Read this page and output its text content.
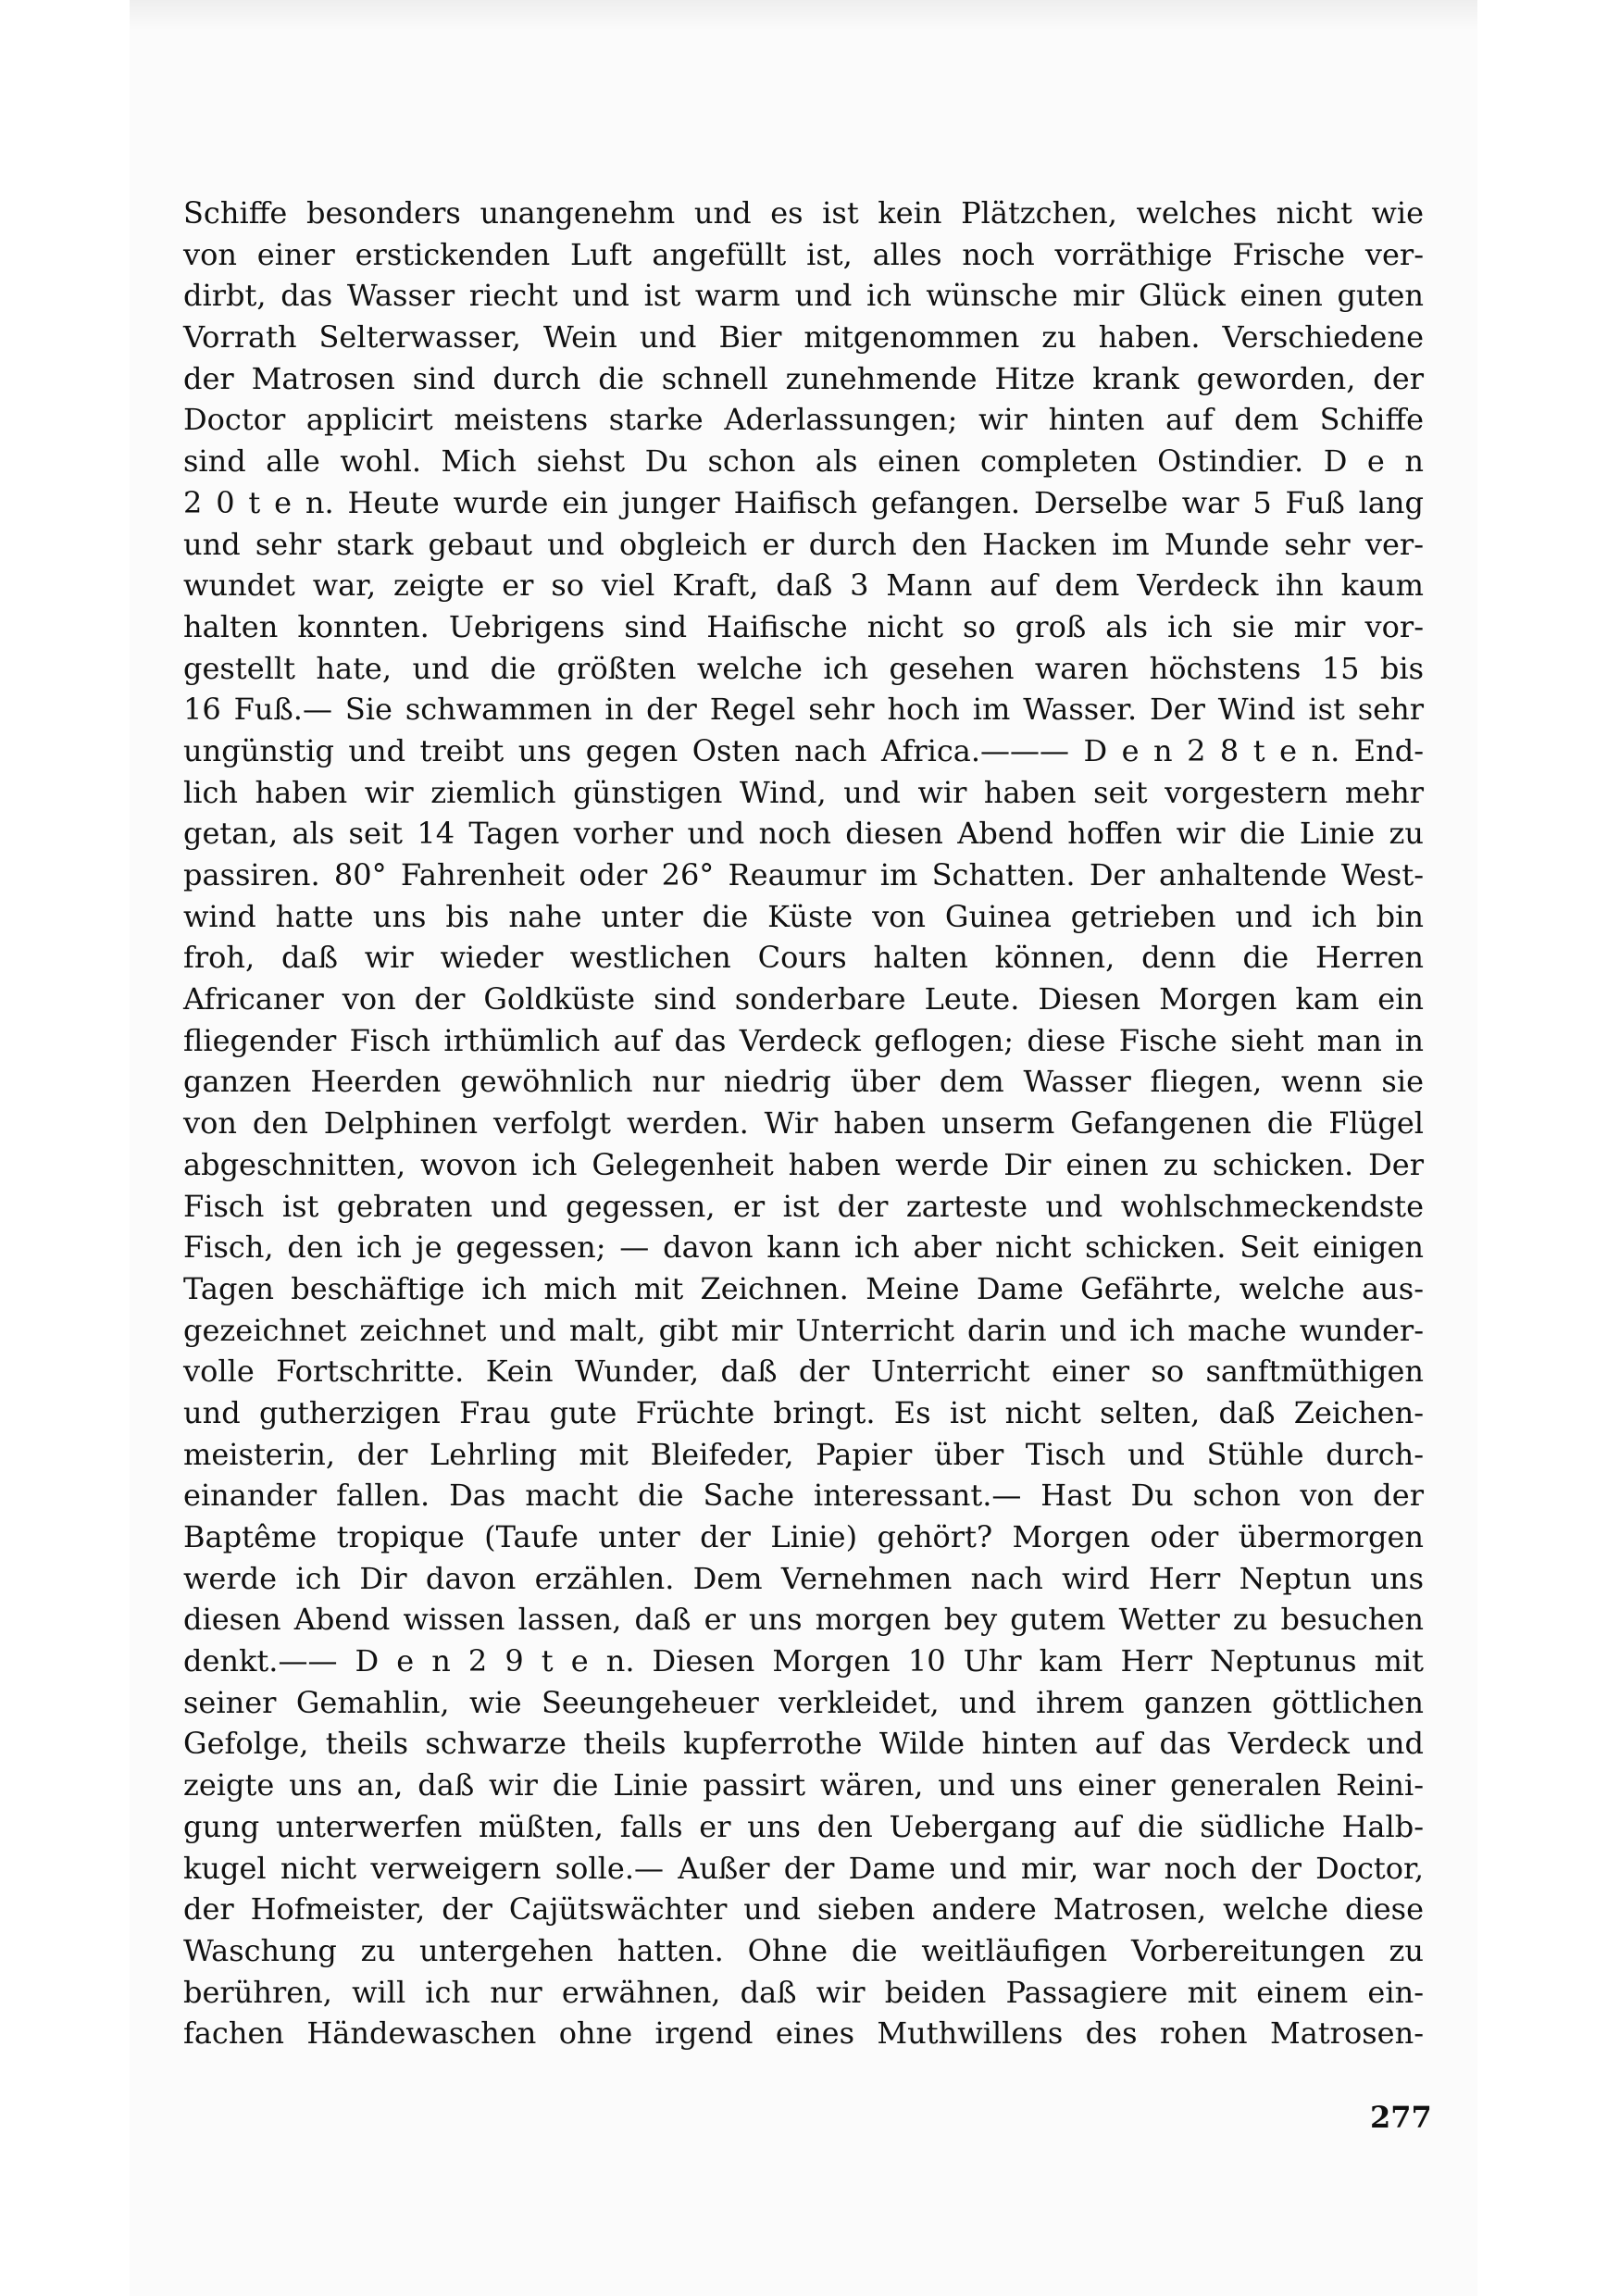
Schiffe besonders unangenehm und es ist kein Plätzchen, welches nicht wie
von einer erstickenden Luft angefüllt ist, alles noch vorräthige Frische ver-
dirbt, das Wasser riecht und ist warm und ich wünsche mir Glück einen guten
Vorrath Selterwasser, Wein und Bier mitgenommen zu haben. Verschiedene
der Matrosen sind durch die schnell zunehmende Hitze krank geworden, der
Doctor applicirt meistens starke Aderlassungen; wir hinten auf dem Schiffe
sind alle wohl. Mich siehst Du schon als einen completen Ostindier. D e n
2 0 t e n. Heute wurde ein junger Haifisch gefangen. Derselbe war 5 Fuß lang
und sehr stark gebaut und obgleich er durch den Hacken im Munde sehr ver-
wundet war, zeigte er so viel Kraft, daß 3 Mann auf dem Verdeck ihn kaum
halten konnten. Uebrigens sind Haifische nicht so groß als ich sie mir vor-
gestellt hate, und die größten welche ich gesehen waren höchstens 15 bis
16 Fuß.— Sie schwammen in der Regel sehr hoch im Wasser. Der Wind ist sehr
ungünstig und treibt uns gegen Osten nach Africa.——— D e n 2 8 t e n. End-
lich haben wir ziemlich günstigen Wind, und wir haben seit vorgestern mehr
getan, als seit 14 Tagen vorher und noch diesen Abend hoffen wir die Linie zu
passiren. 80° Fahrenheit oder 26° Reaumur im Schatten. Der anhaltende West-
wind hatte uns bis nahe unter die Küste von Guinea getrieben und ich bin
froh, daß wir wieder westlichen Cours halten können, denn die Herren
Africaner von der Goldküste sind sonderbare Leute. Diesen Morgen kam ein
fliegender Fisch irthümlich auf das Verdeck geflogen; diese Fische sieht man in
ganzen Heerden gewöhnlich nur niedrig über dem Wasser fliegen, wenn sie
von den Delphinen verfolgt werden. Wir haben unserm Gefangenen die Flügel
abgeschnitten, wovon ich Gelegenheit haben werde Dir einen zu schicken. Der
Fisch ist gebraten und gegessen, er ist der zarteste und wohlschmeckendste
Fisch, den ich je gegessen; — davon kann ich aber nicht schicken. Seit einigen
Tagen beschäftige ich mich mit Zeichnen. Meine Dame Gefährte, welche aus-
gezeichnet zeichnet und malt, gibt mir Unterricht darin und ich mache wunder-
volle Fortschritte. Kein Wunder, daß der Unterricht einer so sanftmüthigen
und gutherzigen Frau gute Früchte bringt. Es ist nicht selten, daß Zeichen-
meisterin, der Lehrling mit Bleifeder, Papier über Tisch und Stühle durch-
einander fallen. Das macht die Sache interessant.— Hast Du schon von der
Baptême tropique (Taufe unter der Linie) gehört? Morgen oder übermorgen
werde ich Dir davon erzählen. Dem Vernehmen nach wird Herr Neptun uns
diesen Abend wissen lassen, daß er uns morgen bey gutem Wetter zu besuchen
denkt.—— D e n 2 9 t e n. Diesen Morgen 10 Uhr kam Herr Neptunus mit
seiner Gemahlin, wie Seeungeheuer verkleidet, und ihrem ganzen göttlichen
Gefolge, theils schwarze theils kupferrothe Wilde hinten auf das Verdeck und
zeigte uns an, daß wir die Linie passirt wären, und uns einer generalen Reini-
gung unterwerfen müßten, falls er uns den Uebergang auf die südliche Halb-
kugel nicht verweigern solle.— Außer der Dame und mir, war noch der Doctor,
der Hofmeister, der Cajütswächter und sieben andere Matrosen, welche diese
Waschung zu untergehen hatten. Ohne die weitläufigen Vorbereitungen zu
berühren, will ich nur erwähnen, daß wir beiden Passagiere mit einem ein-
fachen Händewaschen ohne irgend eines Muthwillens des rohen Matrosen-
277
